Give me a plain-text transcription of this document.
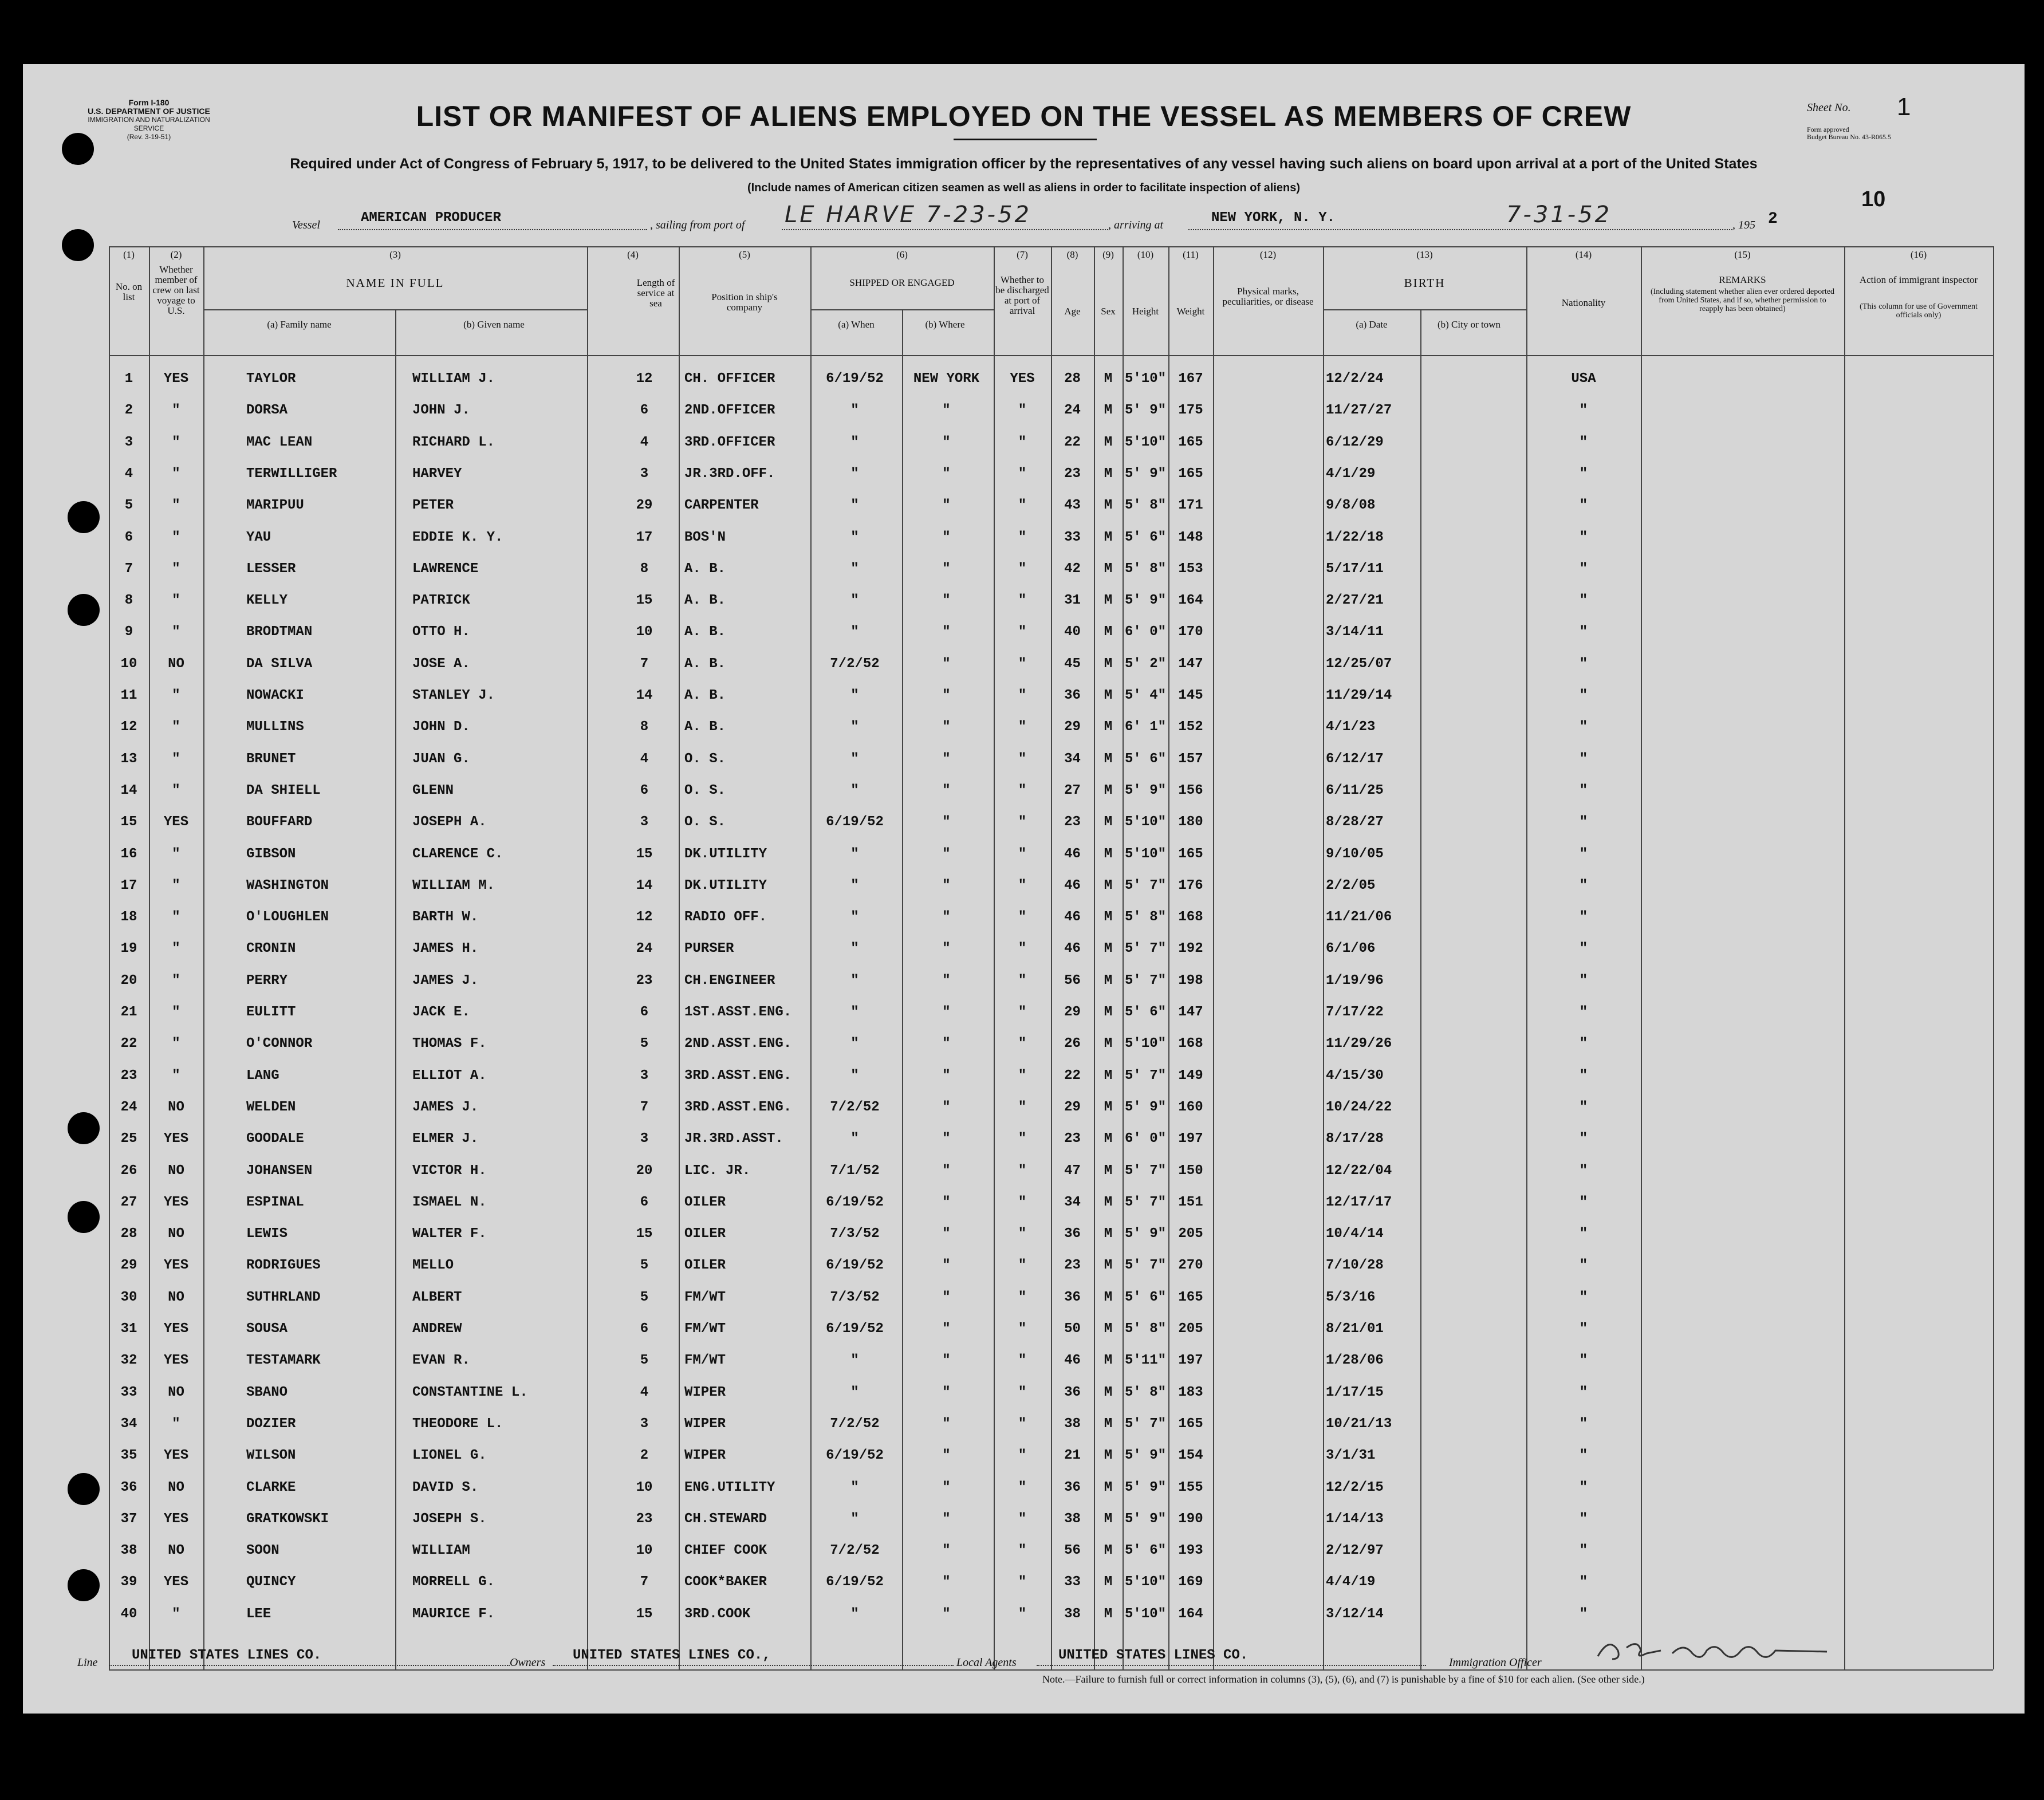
Form I-180
U.S. DEPARTMENT OF JUSTICE
IMMIGRATION AND NATURALIZATION SERVICE
(Rev. 3-19-51)
LIST OR MANIFEST OF ALIENS EMPLOYED ON THE VESSEL AS MEMBERS OF CREW	Sheet No. 1
Form approved
Budget Bureau No. 43-R065.5
10
Required under Act of Congress of February 5, 1917, to be delivered to the United States immigration officer by the representatives of any vessel having such aliens on board upon arrival at a port of the United States
(Include names of American citizen seamen as well as aliens in order to facilitate inspection of aliens)
Vessel	AMERICAN PRODUCER	, sailing from port of LE HARVE 7-23-52	, arriving at	NEW YORK, N. Y.	7-31-52	, 195 2
(1)
No. on list
(2)
Whether member of crew on last voyage to U.S.
(3)
NAME IN FULL
(a) Family name	(b) Given name
(4)
Length of service at sea
(5)
Position in ship's company
(6)
SHIPPED OR ENGAGED
(a) When	(b) Where
(7)
Whether to be discharged at port of arrival
(8)
Age
(9)
Sex
(10)
Height
(11)
Weight
(12)
Physical marks, peculiarities, or disease
(13)
BIRTH
(a) Date	(b) City or town
(14)
Nationality
(15)
REMARKS
(Including statement whether alien ever ordered deported from United States, and if so, whether permission to reapply has been obtained)
(16)
Action of immigrant inspector
(This column for use of Government officials only)
1	YES	TAYLOR	WILLIAM J.	12	CH. OFFICER	6/19/52	NEW YORK	YES	28	M 5'10" 167	12/2/24	USA
2	"	DORSA	JOHN J.	6	2ND.OFFICER	"	"	"	24	M 5' 9" 175	11/27/27	"
3	"	MAC LEAN	RICHARD L.	4	3RD.OFFICER	"	"	"	22	M 5'10" 165	6/12/29	"
4	"	TERWILLIGER	HARVEY	3	JR.3RD.OFF.	"	"	"	23	M 5' 9" 165	4/1/29	"
5	"	MARIPUU	PETER	29	CARPENTER	"	"	"	43	M 5' 8" 171	9/8/08	"
6	"	YAU	EDDIE K. Y.	17	BOS'N	"	"	"	33	M 5' 6" 148	1/22/18	"
7	"	LESSER	LAWRENCE	8	A. B.	"	"	"	42	M 5' 8" 153	5/17/11	"
8	"	KELLY	PATRICK	15	A. B.	"	"	"	31	M 5' 9" 164	2/27/21	"
9	"	BRODTMAN	OTTO H.	10	A. B.	"	"	"	40	M 6' 0" 170	3/14/11	"
10	NO	DA SILVA	JOSE A.	7	A. B.	7/2/52	"	"	45	M 5' 2" 147	12/25/07	"
11	"	NOWACKI	STANLEY J.	14	A. B.	"	"	"	36	M 5' 4" 145	11/29/14	"
12	"	MULLINS	JOHN D.	8	A. B.	"	"	"	29	M 6' 1" 152	4/1/23	"
13	"	BRUNET	JUAN G.	4	O. S.	"	"	"	34	M 5' 6" 157	6/12/17	"
14	"	DA SHIELL	GLENN	6	O. S.	"	"	"	27	M 5' 9" 156	6/11/25	"
15	YES	BOUFFARD	JOSEPH A.	3	O. S.	6/19/52	"	"	23	M 5'10" 180	8/28/27	"
16	"	GIBSON	CLARENCE C.	15	DK.UTILITY	"	"	"	46	M 5'10" 165	9/10/05	"
17	"	WASHINGTON	WILLIAM M.	14	DK.UTILITY	"	"	"	46	M 5' 7" 176	2/2/05	"
18	"	O'LOUGHLEN	BARTH W.	12	RADIO OFF.	"	"	"	46	M 5' 8" 168	11/21/06	"
19	"	CRONIN	JAMES H.	24	PURSER	"	"	"	46	M 5' 7" 192	6/1/06	"
20	"	PERRY	JAMES J.	23	CH.ENGINEER	"	"	"	56	M 5' 7" 198	1/19/96	"
21	"	EULITT	JACK E.	6	1ST.ASST.ENG.	"	"	"	29	M 5' 6" 147	7/17/22	"
22	"	O'CONNOR	THOMAS F.	5	2ND.ASST.ENG.	"	"	"	26	M 5'10" 168	11/29/26	"
23	"	LANG	ELLIOT A.	3	3RD.ASST.ENG.	"	"	"	22	M 5' 7" 149	4/15/30	"
24	NO	WELDEN	JAMES J.	7	3RD.ASST.ENG.	7/2/52	"	"	29	M 5' 9" 160	10/24/22	"
25	YES	GOODALE	ELMER J.	3	JR.3RD.ASST.	"	"	"	23	M 6' 0" 197	8/17/28	"
26	NO	JOHANSEN	VICTOR H.	20	LIC. JR.	7/1/52	"	"	47	M 5' 7" 150	12/22/04	"
27	YES	ESPINAL	ISMAEL N.	6	OILER	6/19/52	"	"	34	M 5' 7" 151	12/17/17	"
28	NO	LEWIS	WALTER F.	15	OILER	7/3/52	"	"	36	M 5' 9" 205	10/4/14	"
29	YES	RODRIGUES	MELLO	5	OILER	6/19/52	"	"	23	M 5' 7" 270	7/10/28	"
30	NO	SUTHRLAND	ALBERT	5	FM/WT	7/3/52	"	"	36	M 5' 6" 165	5/3/16	"
31	YES	SOUSA	ANDREW	6	FM/WT	6/19/52	"	"	50	M 5' 8" 205	8/21/01	"
32	YES	TESTAMARK	EVAN R.	5	FM/WT	"	"	"	46	M 5'11" 197	1/28/06	"
33	NO	SBANO	CONSTANTINE L.	4	WIPER	"	"	"	36	M 5' 8" 183	1/17/15	"
34	"	DOZIER	THEODORE L.	3	WIPER	7/2/52	"	"	38	M 5' 7" 165	10/21/13	"
35	YES	WILSON	LIONEL G.	2	WIPER	6/19/52	"	"	21	M 5' 9" 154	3/1/31	"
36	NO	CLARKE	DAVID S.	10	ENG.UTILITY	"	"	"	36	M 5' 9" 155	12/2/15	"
37	YES	GRATKOWSKI	JOSEPH S.	23	CH.STEWARD	"	"	"	38	M 5' 9" 190	1/14/13	"
38	NO	SOON	WILLIAM	10	CHIEF COOK	7/2/52	"	"	56	M 5' 6" 193	2/12/97	"
39	YES	QUINCY	MORRELL G.	7	COOK*BAKER	6/19/52	"	"	33	M 5'10" 169	4/4/19	"
40	"	LEE	MAURICE F.	15	3RD.COOK	"	"	"	38	M 5'10" 164	3/12/14	"
Line UNITED STATES LINES CO.	Owners UNITED STATES LINES CO.,	Local Agents	UNITED STATES LINES CO.	Immigration Officer
Note.—Failure to furnish full or correct information in columns (3), (5), (6), and (7) is punishable by a fine of $10 for each alien. (See other side.)
